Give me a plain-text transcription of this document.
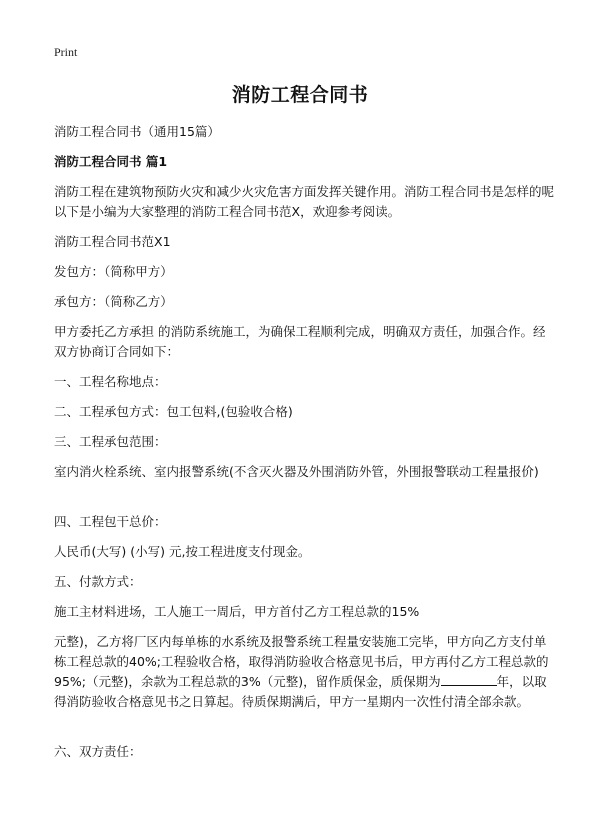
Print
消防工程合同书

消防工程合同书（通用15篇）

消防工程合同书 篇1

消防工程在建筑物预防火灾和减少火灾危害方面发挥关键作用。消防工程合同书是怎样的呢以下是小编为大家整理的消防工程合同书范X，欢迎参考阅读。

消防工程合同书范X1

发包方：（简称甲方）

承包方：（简称乙方）

甲方委托乙方承担 的消防系统施工，为确保工程顺利完成，明确双方责任，加强合作。经双方协商订合同如下：

一、工程名称地点：

二、工程承包方式：包工包料,(包验收合格)

三、工程承包范围：

室内消火栓系统、室内报警系统(不含灭火器及外围消防外管，外围报警联动工程量报价)

四、工程包干总价：

人民币(大写) (小写) 元,按工程进度支付现金。

五、付款方式：

施工主材料进场，工人施工一周后，甲方首付乙方工程总款的15%

元整)，乙方将厂区内每单栋的水系统及报警系统工程量安装施工完毕，甲方向乙方支付单栋工程总款的40%;工程验收合格，取得消防验收合格意见书后，甲方再付乙方工程总款的 95%;（元整)，余款为工程总款的3%（元整)，留作质保金，质保期为	年，以取得消防验收合格意见书之日算起。待质保期满后，甲方一星期内一次性付清全部余款。

六、双方责任：
